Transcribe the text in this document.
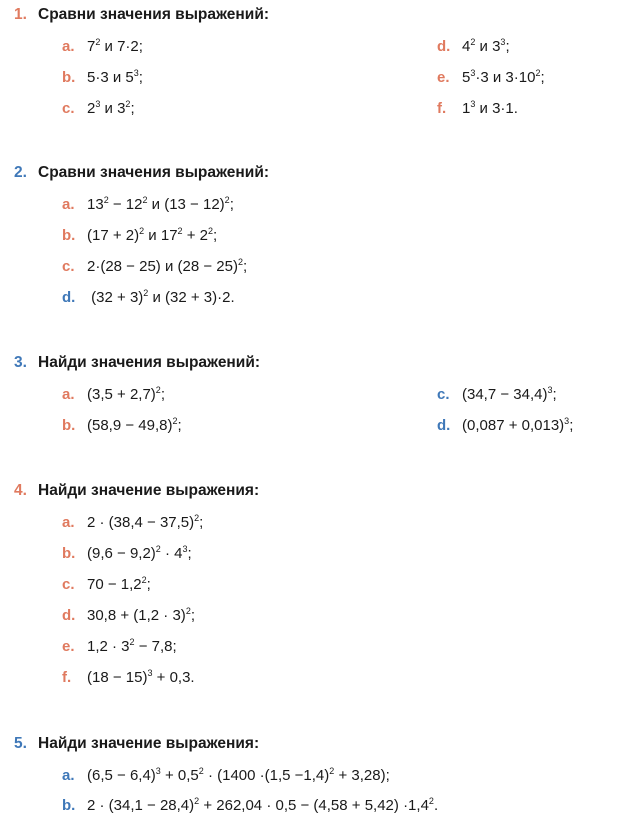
1. Сравни значения выражений:
a. $7^2$ и 7·2;
b. 5·3 и $5^3$;
c. $2^3$ и $3^2$;
d. $4^2$ и $3^3$;
e. $5^3\cdot 3$ и $3\cdot 10^2$;
f. $1^3$ и 3·1.
2. Сравни значения выражений:
a. $13^2 - 12^2$ и $(13 - 12)^2$;
b. $(17 + 2)^2$ и $17^2 + 2^2$;
c. 2·(28 − 25) и $(28 - 25)^2$;
d. $(32 + 3)^2$ и (32 + 3)·2.
3. Найди значения выражений:
a. $(3,5 + 2,7)^2$;
b. $(58,9 - 49,8)^2$;
c. $(34,7 - 34,4)^3$;
d. $(0,087 + 0,013)^3$;
4. Найди значение выражения:
a. $2 \cdot (38,4 - 37,5)^2$;
b. $(9,6 - 9,2)^2 \cdot 4^3$;
c. $70 - 1,2^2$;
d. $30,8 + (1,2 \cdot 3)^2$;
e. $1,2 \cdot 3^2 - 7,8$;
f. $(18 - 15)^3 + 0,3$.
5. Найди значение выражения:
a. $(6,5 - 6,4)^3 + 0,5^2 \cdot (1400 \cdot(1,5 -1,4)^2 + 3,28)$;
b. $2 \cdot (34,1 - 28,4)^2 + 262,04 \cdot 0,5 - (4,58 + 5,42) \cdot 1,4^2$.
